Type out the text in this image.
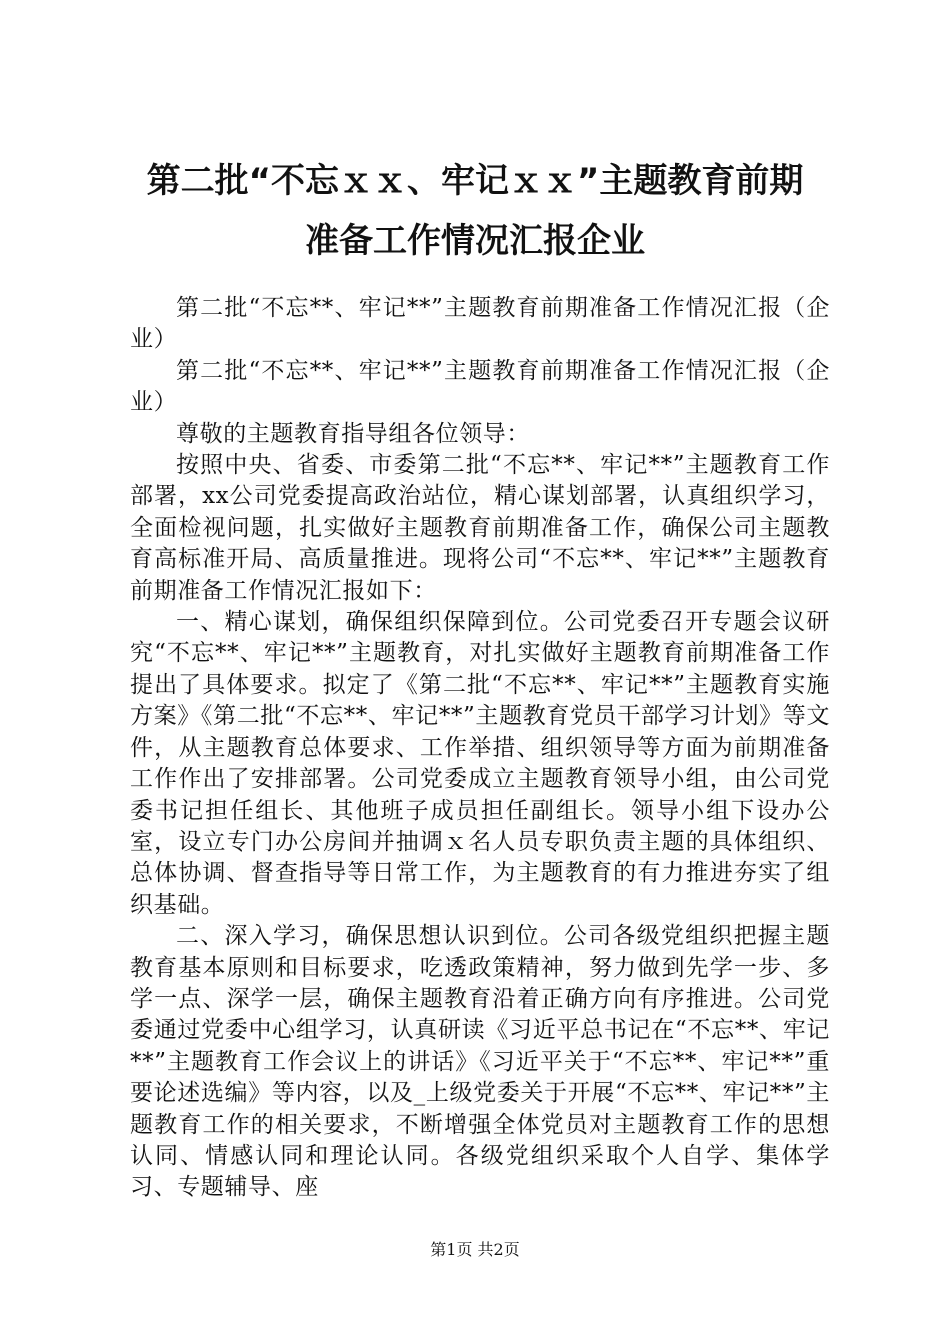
第二批“不忘ｘｘ、牢记ｘｘ”主题教育前期
准备工作情况汇报企业

第二批“不忘**、牢记**”主题教育前期准备工作情况汇报（企业）

第二批“不忘**、牢记**”主题教育前期准备工作情况汇报（企业）

尊敬的主题教育指导组各位领导：

按照中央、省委、市委第二批“不忘**、牢记**”主题教育工作部署，xx公司党委提高政治站位，精心谋划部署，认真组织学习，全面检视问题，扎实做好主题教育前期准备工作，确保公司主题教育高标准开局、高质量推进。现将公司“不忘**、牢记**”主题教育前期准备工作情况汇报如下：

一、精心谋划，确保组织保障到位。公司党委召开专题会议研究“不忘**、牢记**”主题教育，对扎实做好主题教育前期准备工作提出了具体要求。拟定了《第二批“不忘**、牢记**”主题教育实施方案》《第二批“不忘**、牢记**”主题教育党员干部学习计划》等文件，从主题教育总体要求、工作举措、组织领导等方面为前期准备工作作出了安排部署。公司党委成立主题教育领导小组，由公司党委书记担任组长、其他班子成员担任副组长。领导小组下设办公室，设立专门办公房间并抽调ｘ名人员专职负责主题的具体组织、总体协调、督查指导等日常工作，为主题教育的有力推进夯实了组织基础。

二、深入学习，确保思想认识到位。公司各级党组织把握主题教育基本原则和目标要求，吃透政策精神，努力做到先学一步、多学一点、深学一层，确保主题教育沿着正确方向有序推进。公司党委通过党委中心组学习，认真研读《习近平总书记在“不忘**、牢记**”主题教育工作会议上的讲话》《习近平关于“不忘**、牢记**”重要论述选编》等内容，以及_上级党委关于开展“不忘**、牢记**”主题教育工作的相关要求，不断增强全体党员对主题教育工作的思想认同、情感认同和理论认同。各级党组织采取个人自学、集体学习、专题辅导、座

第1页 共2页
